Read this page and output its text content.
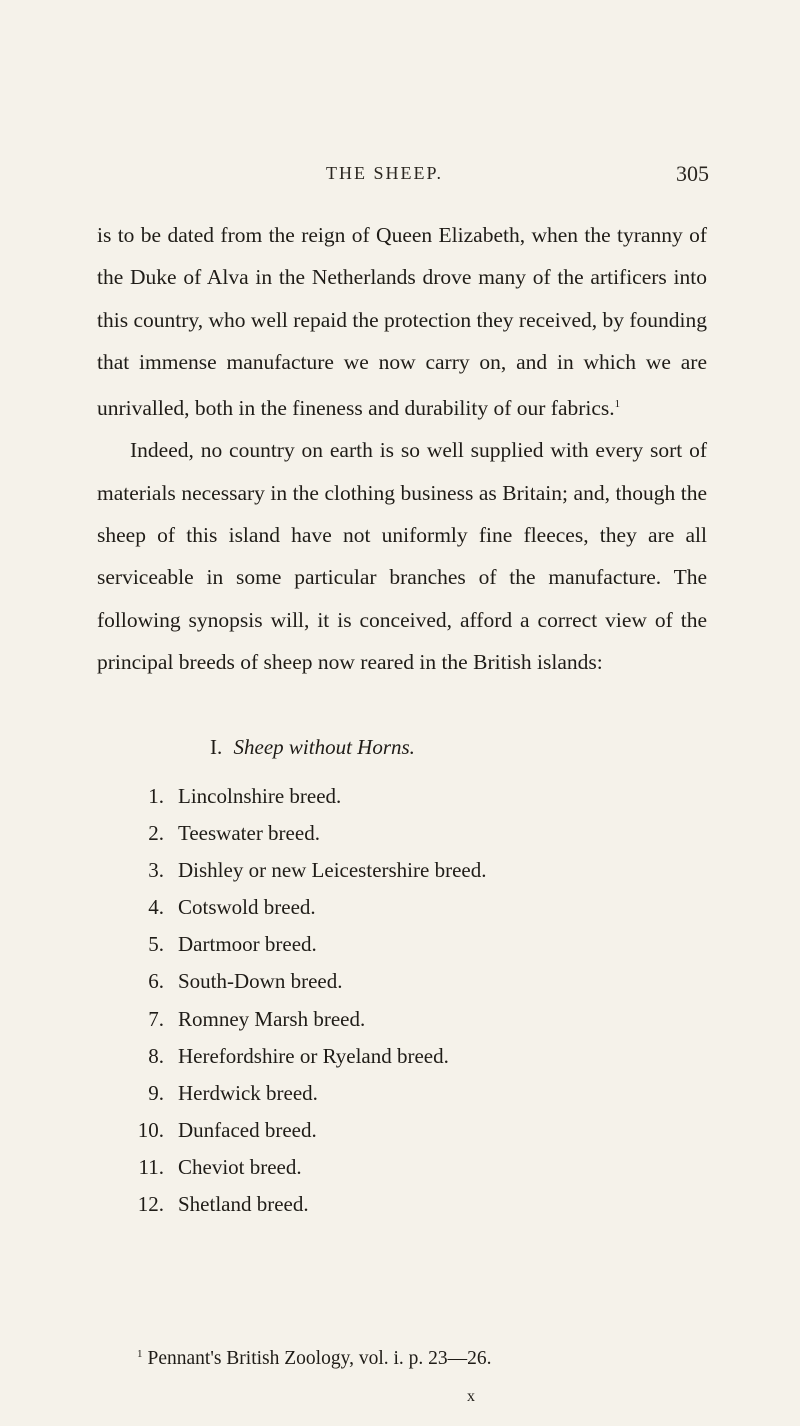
THE SHEEP.	305

is to be dated from the reign of Queen Elizabeth, when the tyranny of the Duke of Alva in the Netherlands drove many of the artificers into this country, who well repaid the protection they received, by founding that immense manufacture we now carry on, and in which we are unrivalled, both in the fineness and durability of our fabrics.$^1$

Indeed, no country on earth is so well supplied with every sort of materials necessary in the clothing business as Britain; and, though the sheep of this island have not uniformly fine fleeces, they are all serviceable in some particular branches of the manufacture. The following synopsis will, it is conceived, afford a correct view of the principal breeds of sheep now reared in the British islands:

I. Sheep without Horns.
1. Lincolnshire breed.
2. Teeswater breed.
3. Dishley or new Leicestershire breed.
4. Cotswold breed.
5. Dartmoor breed.
6. South-Down breed.
7. Romney Marsh breed.
8. Herefordshire or Ryeland breed.
9. Herdwick breed.
10. Dunfaced breed.
11. Cheviot breed.
12. Shetland breed.
$^1$ Pennant's British Zoology, vol. i. p. 23—26.
x
